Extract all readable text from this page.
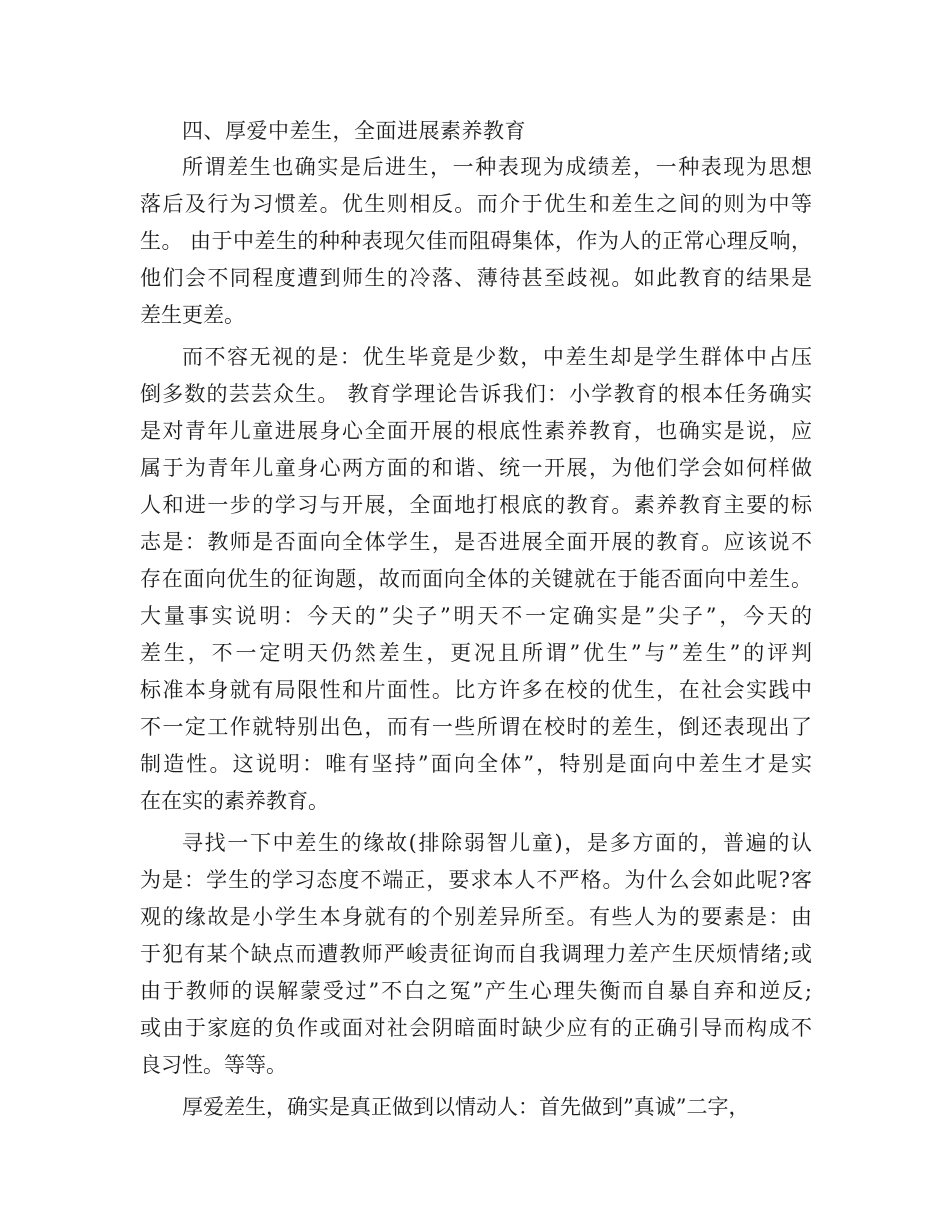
四、厚爱中差生，全面进展素养教育

所谓差生也确实是后进生，一种表现为成绩差，一种表现为思想
落后及行为习惯差。优生则相反。而介于优生和差生之间的则为中等
生。 由于中差生的种种表现欠佳而阻碍集体，作为人的正常心理反响，
他们会不同程度遭到师生的冷落、薄待甚至歧视。如此教育的结果是
差生更差。

而不容无视的是：优生毕竟是少数，中差生却是学生群体中占压
倒多数的芸芸众生。 教育学理论告诉我们：小学教育的根本任务确实
是对青年儿童进展身心全面开展的根底性素养教育，也确实是说，应
属于为青年儿童身心两方面的和谐、统一开展，为他们学会如何样做
人和进一步的学习与开展，全面地打根底的教育。素养教育主要的标
志是：教师是否面向全体学生，是否进展全面开展的教育。应该说不
存在面向优生的征询题，故而面向全体的关键就在于能否面向中差生。
大量事实说明：今天的”尖子”明天不一定确实是”尖子”，今天的
差生，不一定明天仍然差生，更况且所谓”优生”与”差生”的评判
标准本身就有局限性和片面性。比方许多在校的优生，在社会实践中
不一定工作就特别出色，而有一些所谓在校时的差生，倒还表现出了
制造性。这说明：唯有坚持”面向全体”，特别是面向中差生才是实
在在实的素养教育。

寻找一下中差生的缘故(排除弱智儿童)，是多方面的，普遍的认
为是：学生的学习态度不端正，要求本人不严格。为什么会如此呢?客
观的缘故是小学生本身就有的个别差异所至。有些人为的要素是：由
于犯有某个缺点而遭教师严峻责征询而自我调理力差产生厌烦情绪;或
由于教师的误解蒙受过”不白之冤”产生心理失衡而自暴自弃和逆反;
或由于家庭的负作或面对社会阴暗面时缺少应有的正确引导而构成不
良习性。等等。

厚爱差生，确实是真正做到以情动人：首先做到”真诚”二字，
